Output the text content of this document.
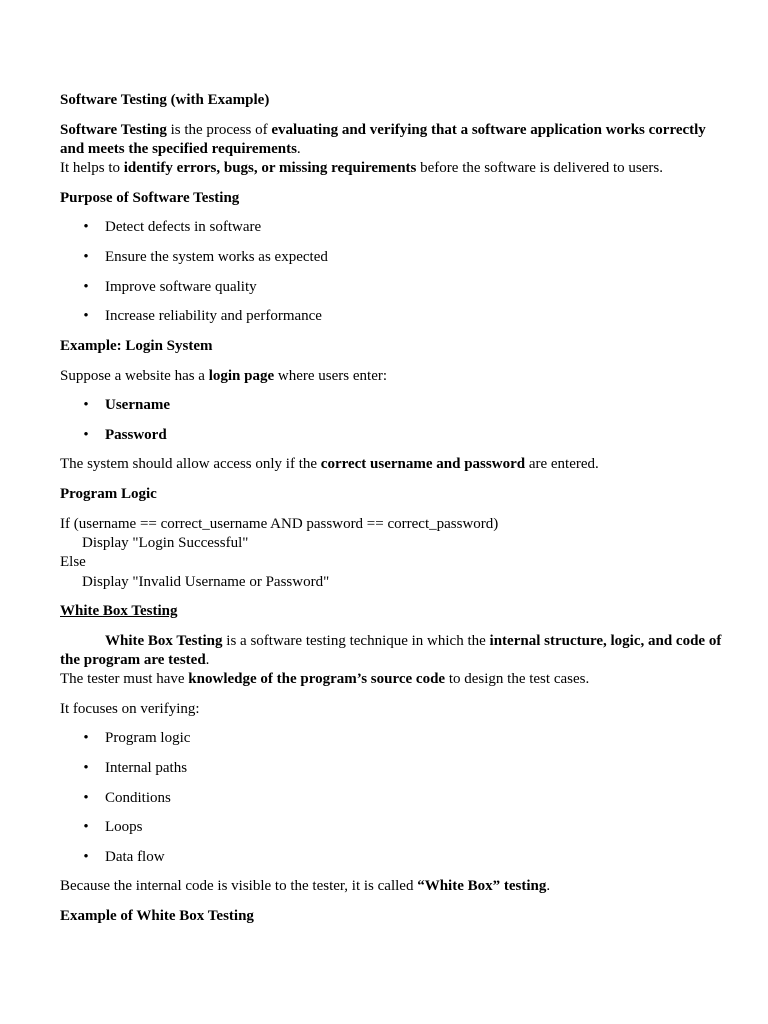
Software Testing (with Example)
Software Testing is the process of evaluating and verifying that a software application works correctly and meets the specified requirements.
It helps to identify errors, bugs, or missing requirements before the software is delivered to users.
Purpose of Software Testing
• Detect defects in software
• Ensure the system works as expected
• Improve software quality
• Increase reliability and performance
Example: Login System
Suppose a website has a login page where users enter:
• Username
• Password
The system should allow access only if the correct username and password are entered.
Program Logic
If (username == correct_username AND password == correct_password)
Display "Login Successful"
Else
Display "Invalid Username or Password"
White Box Testing
White Box Testing is a software testing technique in which the internal structure, logic, and code of
the program are tested.
The tester must have knowledge of the program’s source code to design the test cases.
It focuses on verifying:
• Program logic
• Internal paths
• Conditions
• Loops
• Data flow
Because the internal code is visible to the tester, it is called “White Box” testing.
Example of White Box Testing
